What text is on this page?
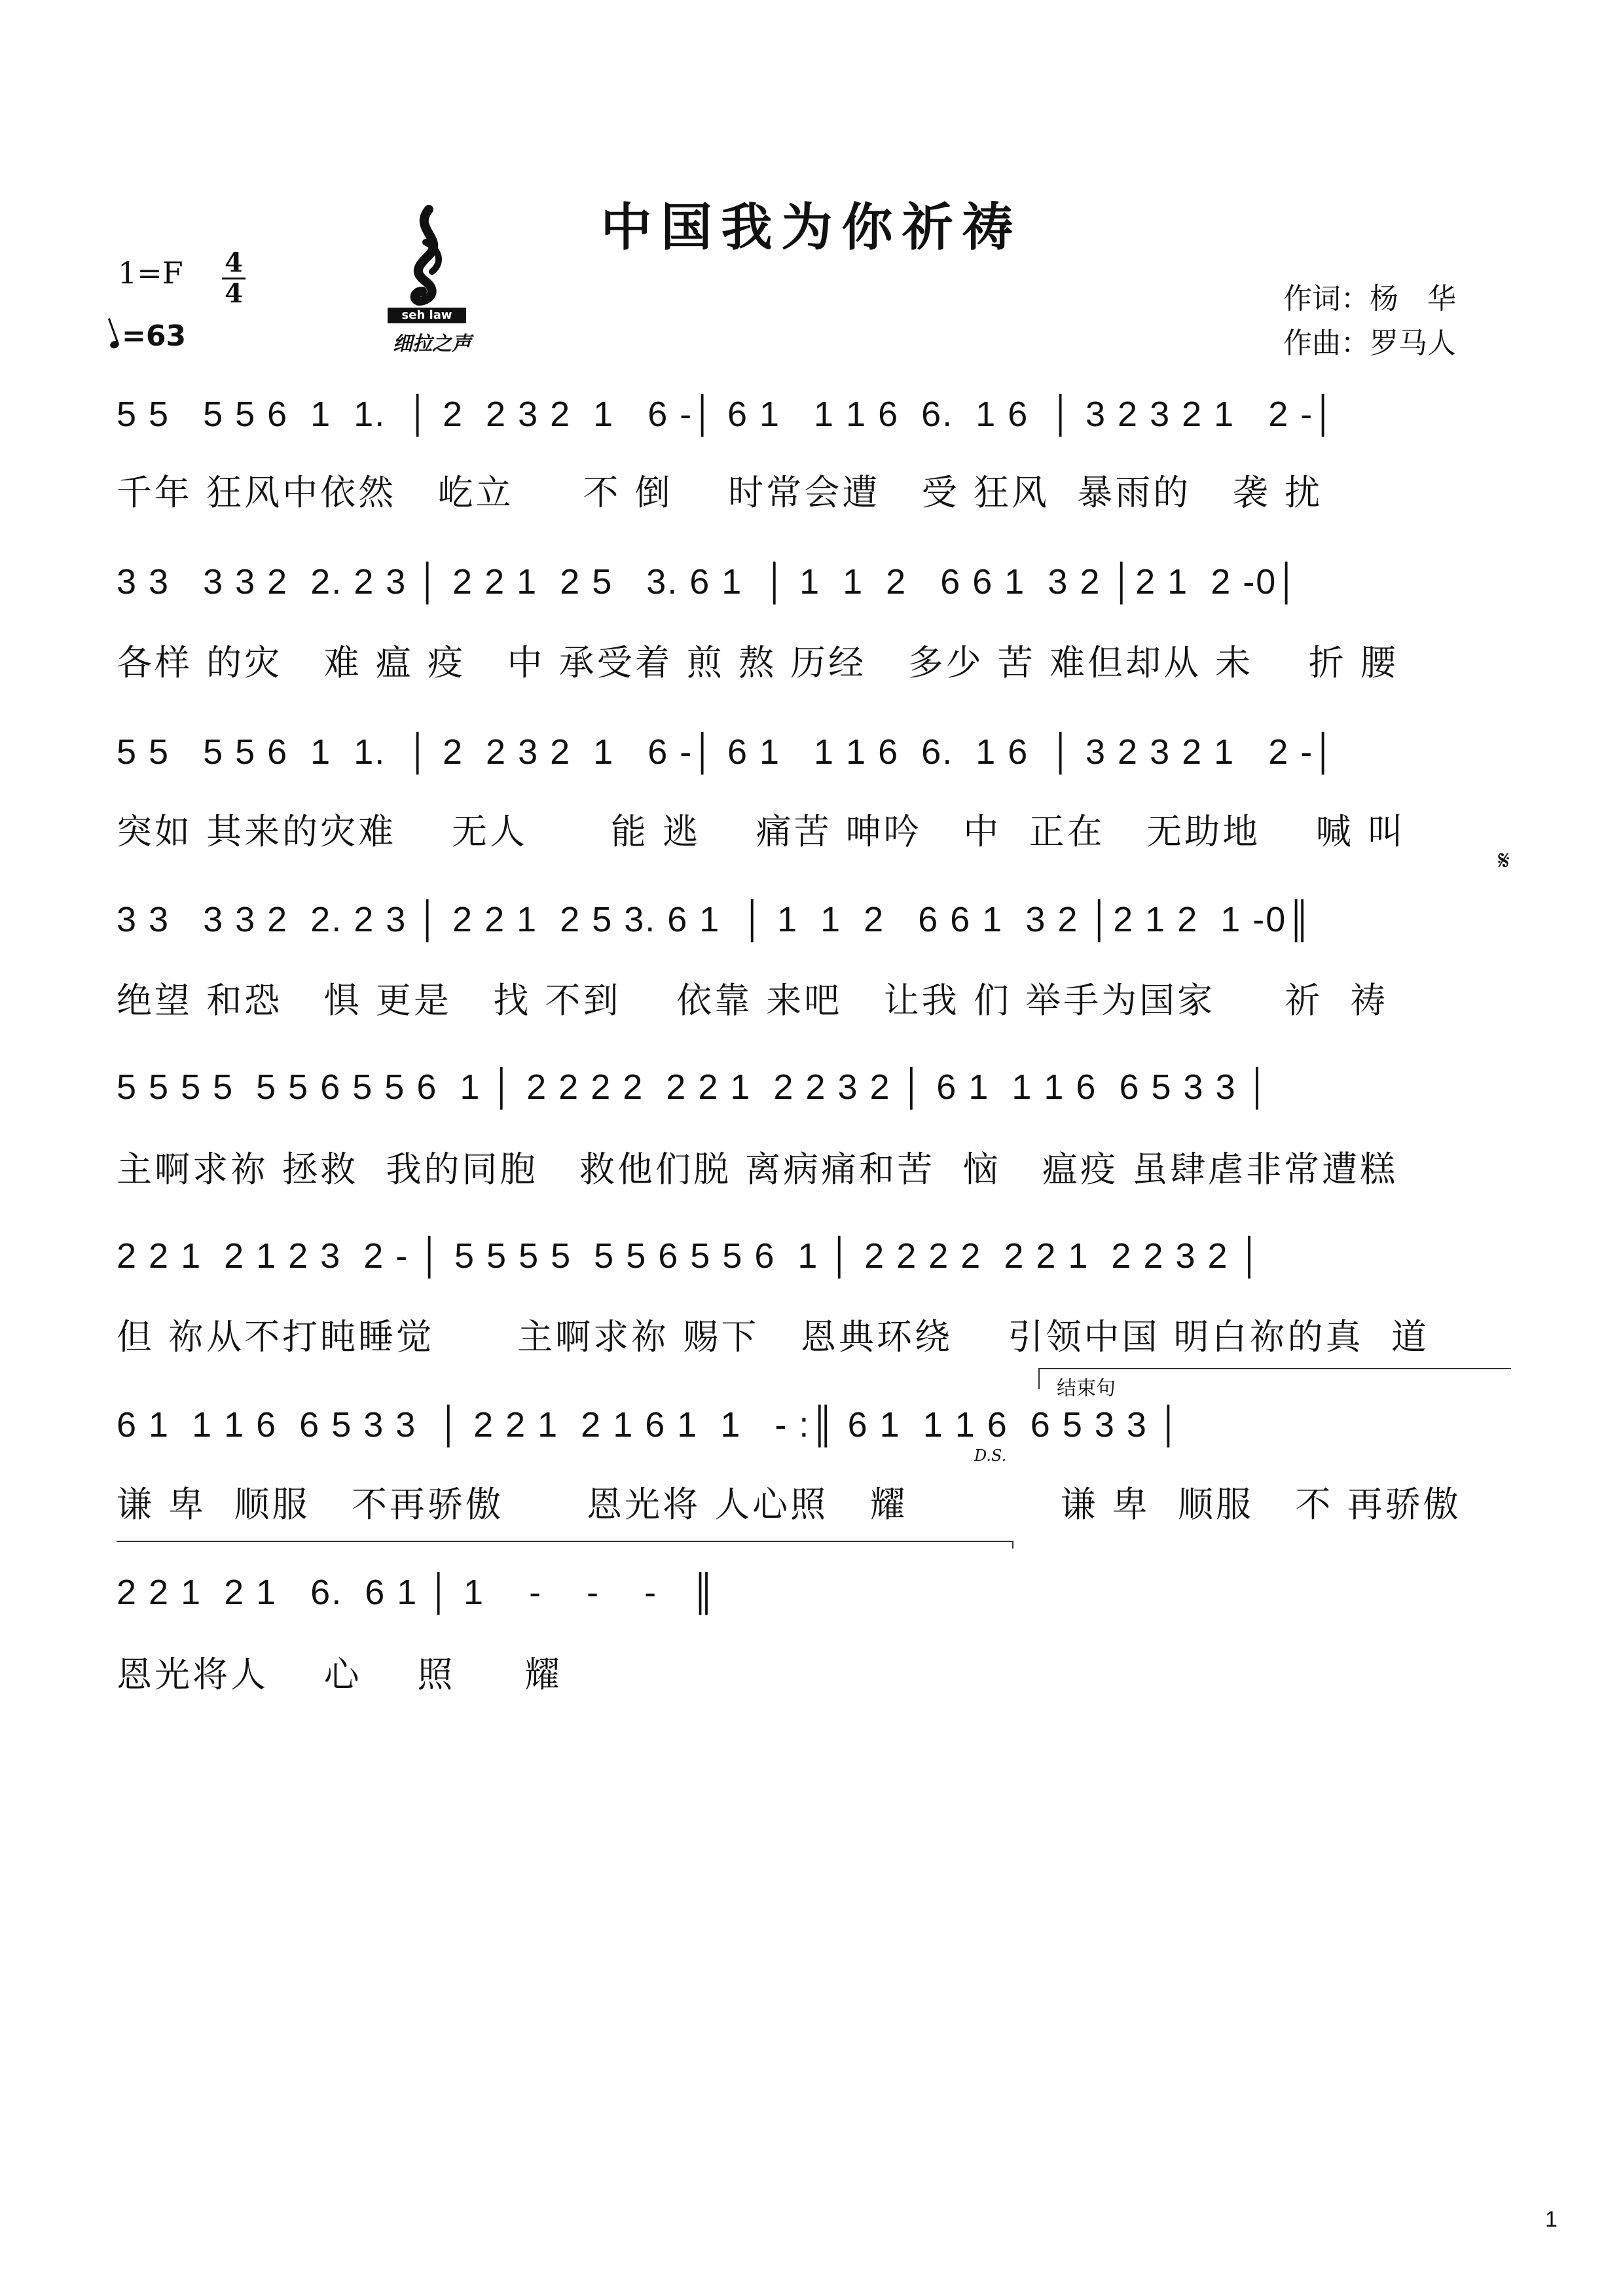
中国我为你祈祷
1=F 4
4
=63
seh law
细拉之声
作词：杨　华
作曲：罗马人
5 5   5 5 6  1  1.  │ 2  2 3 2  1   6 -│ 6 1   1 1 6  6.  1 6  │ 3 2 3 2 1   2 -│
千年 狂风中依然   屹立     不 倒    时常会遭   受 狂风  暴雨的   袭 扰
3 3   3 3 2  2. 2 3 │ 2 2 1  2 5   3. 6 1  │ 1  1  2   6 6 1  3 2 │2 1  2 -0│
各样 的灾   难 瘟 疫   中 承受着 煎 熬 历经   多少 苦 难但却从 未    折 腰
5 5   5 5 6  1  1.  │ 2  2 3 2  1   6 -│ 6 1   1 1 6  6.  1 6  │ 3 2 3 2 1   2 -│
突如 其来的灾难    无人      能 逃    痛苦 呻吟   中  正在   无助地    喊 叫
𝄋
3 3   3 3 2  2. 2 3 │ 2 2 1  2 5 3. 6 1  │ 1  1  2   6 6 1  3 2 │2 1 2  1 -0║
绝望 和恐   惧 更是   找 不到    依靠 来吧   让我 们 举手为国家     祈  祷
5 5 5 5  5 5 6 5 5 6  1 │ 2 2 2 2  2 2 1  2 2 3 2 │ 6 1  1 1 6  6 5 3 3 │
主啊求祢 拯救  我的同胞   救他们脱 离病痛和苦  恼   瘟疫 虽肆虐非常遭糕
2 2 1  2 1 2 3  2 - │ 5 5 5 5  5 5 6 5 5 6  1 │ 2 2 2 2  2 2 1  2 2 3 2 │
但 祢从不打盹睡觉      主啊求祢 赐下   恩典环绕    引领中国 明白祢的真  道
结束句
6 1  1 1 6  6 5 3 3  │ 2 2 1  2 1 6 1  1   - :║ 6 1  1 1 6  6 5 3 3 │
D.S.
谦 卑  顺服   不再骄傲      恩光将 人心照   耀           谦 卑  顺服   不 再骄傲
2 2 1  2 1   6.  6 1 │ 1    -    -    -   ║
恩光将人    心    照     耀
1
